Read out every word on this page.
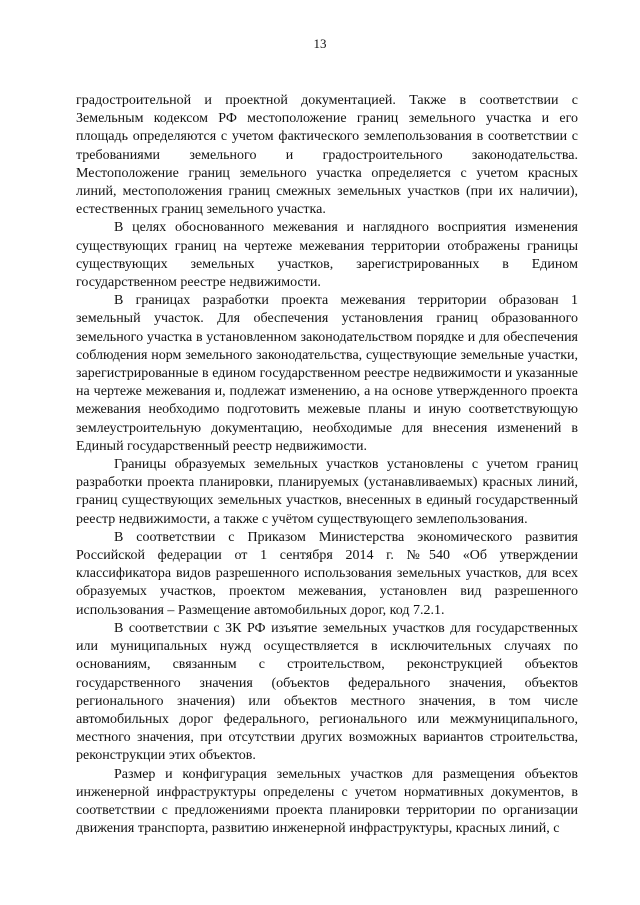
13

градостроительной и проектной документацией. Также в соответствии с Земельным кодексом РФ местоположение границ земельного участка и его площадь определяются с учетом фактического землепользования в соответствии с требованиями земельного и градостроительного законодательства. Местоположение границ земельного участка определяется с учетом красных линий, местоположения границ смежных земельных участков (при их наличии), естественных границ земельного участка.

В целях обоснованного межевания и наглядного восприятия изменения существующих границ на чертеже межевания территории отображены границы существующих земельных участков, зарегистрированных в Едином государственном реестре недвижимости.

В границах разработки проекта межевания территории образован 1 земельный участок. Для обеспечения установления границ образованного земельного участка в установленном законодательством порядке и для обеспечения соблюдения норм земельного законодательства, существующие земельные участки, зарегистрированные в едином государственном реестре недвижимости и указанные на чертеже межевания и, подлежат изменению, а на основе утвержденного проекта межевания необходимо подготовить межевые планы и иную соответствующую землеустроительную документацию, необходимые для внесения изменений в Единый государственный реестр недвижимости.

Границы образуемых земельных участков установлены с учетом границ разработки проекта планировки, планируемых (устанавливаемых) красных линий, границ существующих земельных участков, внесенных в единый государственный реестр недвижимости, а также с учётом существующего землепользования.

В соответствии с Приказом Министерства экономического развития Российской федерации от 1 сентября 2014 г. №540 «Об утверждении классификатора видов разрешенного использования земельных участков, для всех образуемых участков, проектом межевания, установлен вид разрешенного использования – Размещение автомобильных дорог, код 7.2.1.

В соответствии с ЗК РФ изъятие земельных участков для государственных или муниципальных нужд осуществляется в исключительных случаях по основаниям, связанным с строительством, реконструкцией объектов государственного значения (объектов федерального значения, объектов регионального значения) или объектов местного значения, в том числе автомобильных дорог федерального, регионального или межмуниципального, местного значения, при отсутствии других возможных вариантов строительства, реконструкции этих объектов.

Размер и конфигурация земельных участков для размещения объектов инженерной инфраструктуры определены с учетом нормативных документов, в соответствии с предложениями проекта планировки территории по организации движения транспорта, развитию инженерной инфраструктуры, красных линий, с
